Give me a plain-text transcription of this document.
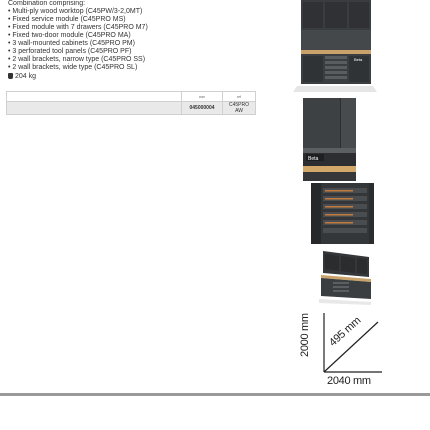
Combination comprising:
• Multi-ply wood worktop (C45PW/3-2,0MT)
• Fixed service module (C45PRO MS)
• Fixed module with 7 drawers (C45PRO M7)
• Fixed two-door module (C45PRO MA)
• 3 wall-mounted cabinets (C45PRO PM)
• 3 perforated tool panels (C45PRO PF)
• 2 wall brackets, narrow type (C45PRO SS)
• 2 wall brackets, wide type (C45PRO SL)
204 kg
	ean	ref
	045000004	C45PRO AW
Beta
Beta
2000 mm 495 mm
2040 mm
